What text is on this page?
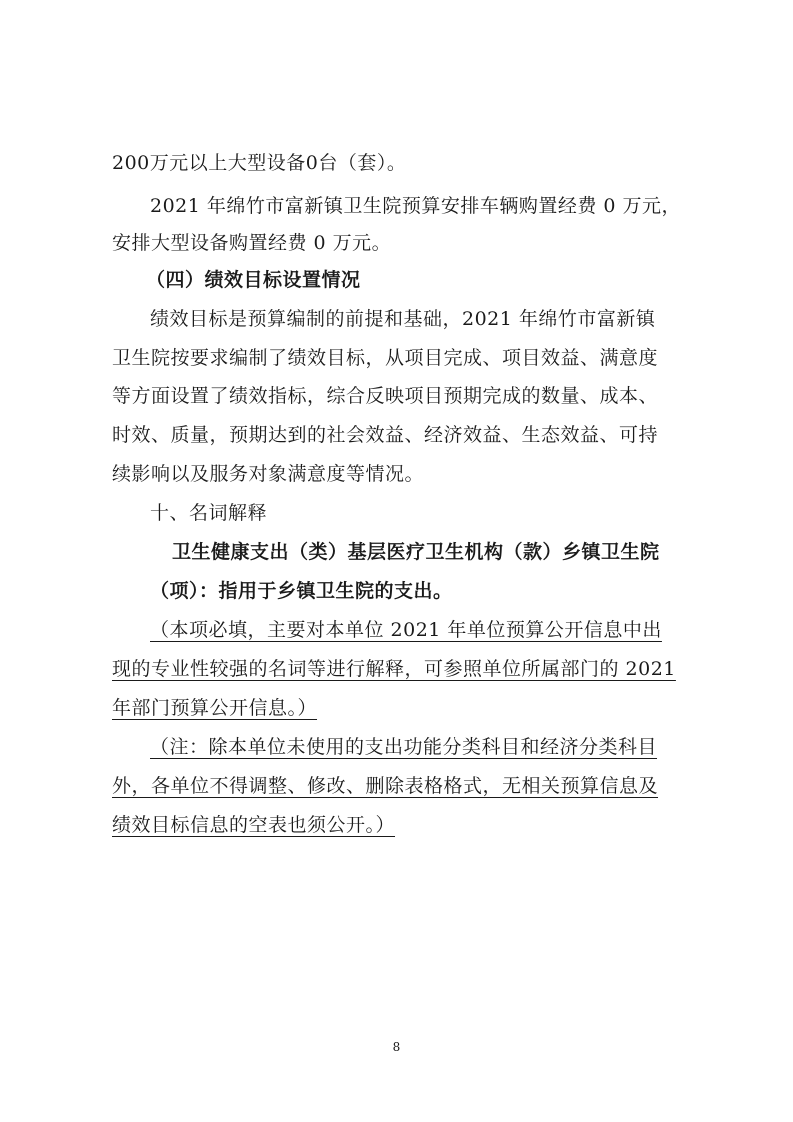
200万元以上大型设备0台（套）。
2021 年绵竹市富新镇卫生院预算安排车辆购置经费 0 万元，
安排大型设备购置经费 0 万元。
（四）绩效目标设置情况
绩效目标是预算编制的前提和基础，2021 年绵竹市富新镇
卫生院按要求编制了绩效目标，从项目完成、项目效益、满意度
等方面设置了绩效指标，综合反映项目预期完成的数量、成本、
时效、质量，预期达到的社会效益、经济效益、生态效益、可持
续影响以及服务对象满意度等情况。
十、名词解释
卫生健康支出（类）基层医疗卫生机构（款）乡镇卫生院
（项）：指用于乡镇卫生院的支出。
（本项必填，主要对本单位 2021 年单位预算公开信息中出
现的专业性较强的名词等进行解释，可参照单位所属部门的 2021
年部门预算公开信息。）
（注：除本单位未使用的支出功能分类科目和经济分类科目
外，各单位不得调整、修改、删除表格格式，无相关预算信息及
绩效目标信息的空表也须公开。）
8
